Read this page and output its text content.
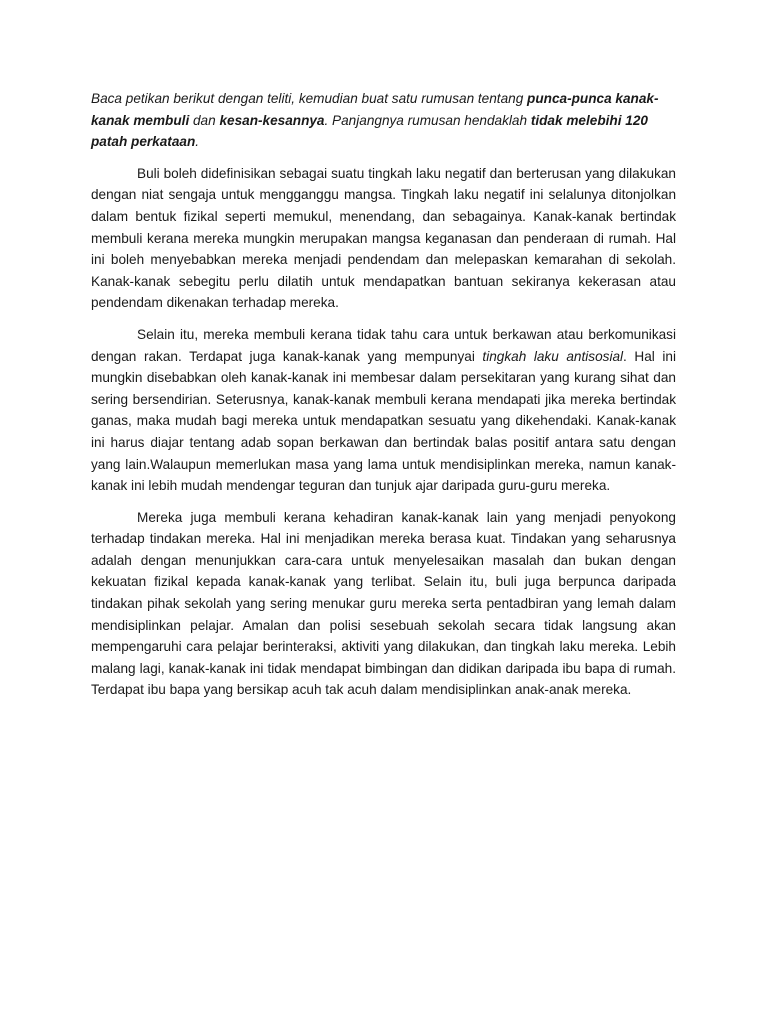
Baca petikan berikut dengan teliti, kemudian buat satu rumusan tentang punca-punca kanak-kanak membuli dan kesan-kesannya. Panjangnya rumusan hendaklah tidak melebihi 120 patah perkataan.

Buli boleh didefinisikan sebagai suatu tingkah laku negatif dan berterusan yang dilakukan dengan niat sengaja untuk mengganggu mangsa. Tingkah laku negatif ini selalunya ditonjolkan dalam bentuk fizikal seperti memukul, menendang, dan sebagainya. Kanak-kanak bertindak membuli kerana mereka mungkin merupakan mangsa keganasan dan penderaan di rumah. Hal ini boleh menyebabkan mereka menjadi pendendam dan melepaskan kemarahan di sekolah. Kanak-kanak sebegitu perlu dilatih untuk mendapatkan bantuan sekiranya kekerasan atau pendendam dikenakan terhadap mereka.

Selain itu, mereka membuli kerana tidak tahu cara untuk berkawan atau berkomunikasi dengan rakan. Terdapat juga kanak-kanak yang mempunyai tingkah laku antisosial. Hal ini mungkin disebabkan oleh kanak-kanak ini membesar dalam persekitaran yang kurang sihat dan sering bersendirian. Seterusnya, kanak-kanak membuli kerana mendapati jika mereka bertindak ganas, maka mudah bagi mereka untuk mendapatkan sesuatu yang dikehendaki. Kanak-kanak ini harus diajar tentang adab sopan berkawan dan bertindak balas positif antara satu dengan yang lain.Walaupun memerlukan masa yang lama untuk mendisiplinkan mereka, namun kanak-kanak ini lebih mudah mendengar teguran dan tunjuk ajar daripada guru-guru mereka.

Mereka juga membuli kerana kehadiran kanak-kanak lain yang menjadi penyokong terhadap tindakan mereka. Hal ini menjadikan mereka berasa kuat. Tindakan yang seharusnya adalah dengan menunjukkan cara-cara untuk menyelesaikan masalah dan bukan dengan kekuatan fizikal kepada kanak-kanak yang terlibat. Selain itu, buli juga berpunca daripada tindakan pihak sekolah yang sering menukar guru mereka serta pentadbiran yang lemah dalam mendisiplinkan pelajar. Amalan dan polisi sesebuah sekolah secara tidak langsung akan mempengaruhi cara pelajar berinteraksi, aktiviti yang dilakukan, dan tingkah laku mereka. Lebih malang lagi, kanak-kanak ini tidak mendapat bimbingan dan didikan daripada ibu bapa di rumah. Terdapat ibu bapa yang bersikap acuh tak acuh dalam mendisiplinkan anak-anak mereka.
